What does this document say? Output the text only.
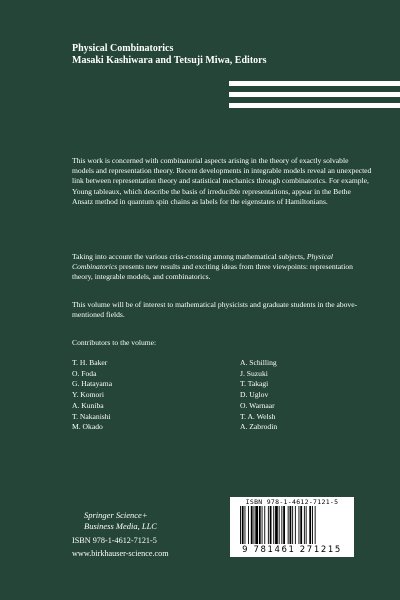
Physical Combinatorics
Masaki Kashiwara and Tetsuji Miwa, Editors

This work is concerned with combinatorial aspects arising in the theory of exactly solvable models and representation theory. Recent developments in integrable models reveal an unexpected link between representation theory and statistical mechanics through combinatorics. For example, Young tableaux, which describe the basis of irreducible representations, appear in the Bethe Ansatz method in quantum spin chains as labels for the eigenstates of Hamiltonians.

Taking into account the various criss-crossing among mathematical subjects, Physical Combinatorics presents new results and exciting ideas from three viewpoints: representation theory, integrable models, and combinatorics.

This volume will be of interest to mathematical physicists and graduate students in the above-mentioned fields.

Contributors to the volume:
T. H. Baker
O. Foda
G. Hatayama
Y. Komori
A. Kuniba
T. Nakanishi
M. Okado
A. Schilling
J. Suzuki
T. Takagi
D. Uglov
O. Warnaar
T. A. Welsh
A. Zabrodin
Springer Science+
Business Media, LLC
ISBN 978-1-4612-7121-5
www.birkhauser-science.com
ISBN 978-1-4612-7121-5
9 781461 271215
